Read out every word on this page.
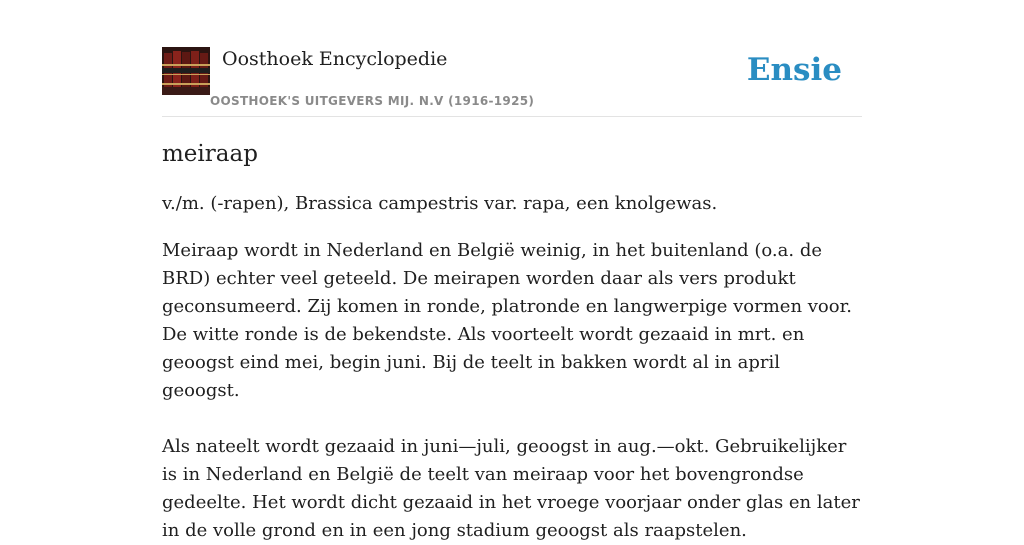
Oosthoek Encyclopedie
OOSTHOEK'S UITGEVERS MIJ. N.V (1916-1925)
Ensie
meiraap

v./m. (-rapen), Brassica campestris var. rapa, een knolgewas.

Meiraap wordt in Nederland en België weinig, in het buitenland (o.a. de BRD) echter veel geteeld. De meirapen worden daar als vers produkt geconsumeerd. Zij komen in ronde, platronde en langwerpige vormen voor. De witte ronde is de bekendste. Als voorteelt wordt gezaaid in mrt. en geoogst eind mei, begin juni. Bij de teelt in bakken wordt al in april geoogst.

Als nateelt wordt gezaaid in juni—juli, geoogst in aug.—okt. Gebruikelijker is in Nederland en België de teelt van meiraap voor het bovengrondse gedeelte. Het wordt dicht gezaaid in het vroege voorjaar onder glas en later in de volle grond en in een jong stadium geoogst als raapstelen.
